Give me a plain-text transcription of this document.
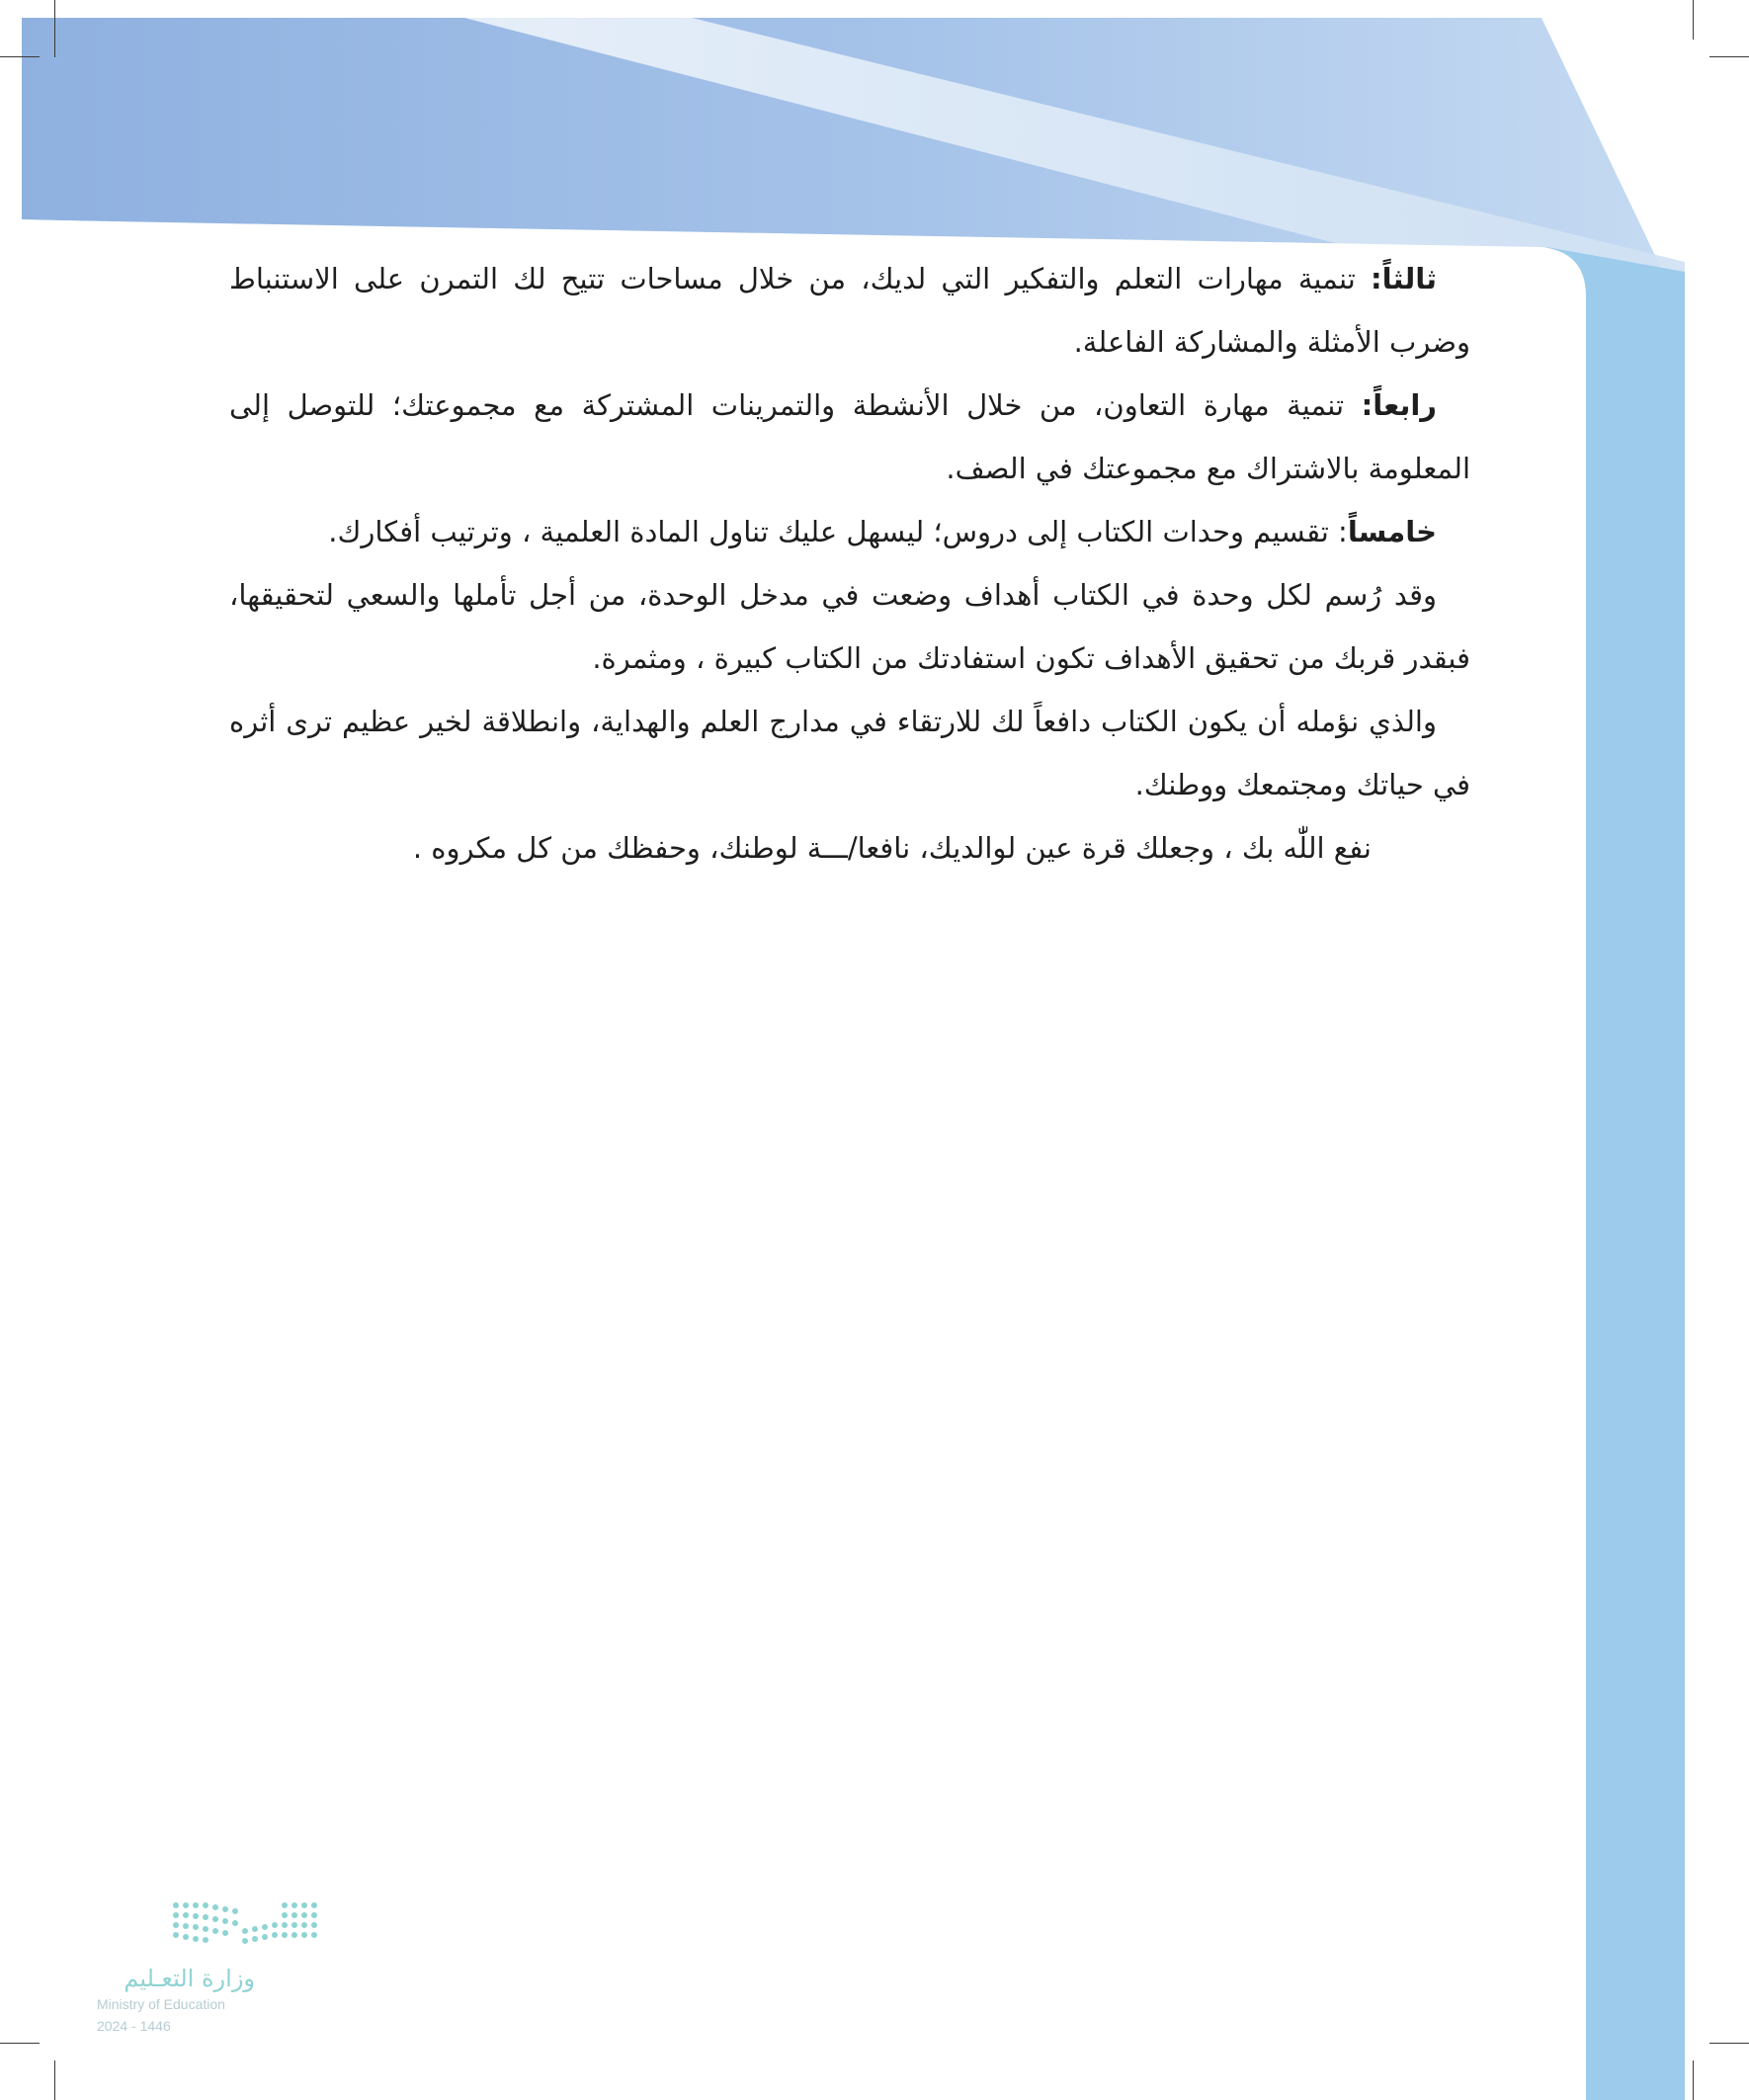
ثالثاً: تنمية مهارات التعلم والتفكير التي لديك، من خلال مساحات تتيح لك التمرن على الاستنباط وضرب الأمثلة والمشاركة الفاعلة.

رابعاً: تنمية مهارة التعاون، من خلال الأنشطة والتمرينات المشتركة مع مجموعتك؛ للتوصل إلى المعلومة بالاشتراك مع مجموعتك في الصف.

خامساً: تقسيم وحدات الكتاب إلى دروس؛ ليسهل عليك تناول المادة العلمية ، وترتيب أفكارك.

وقد رُسم لكل وحدة في الكتاب أهداف وضعت في مدخل الوحدة، من أجل تأملها والسعي لتحقيقها، فبقدر قربك من تحقيق الأهداف تكون استفادتك من الكتاب كبيرة ، ومثمرة.

والذي نؤمله أن يكون الكتاب دافعاً لك للارتقاء في مدارج العلم والهداية، وانطلاقة لخير عظيم ترى أثره في حياتك ومجتمعك ووطنك.

نفع اللّٰه بك ، وجعلك قرة عين لوالديك، نافعا/ـــة لوطنك، وحفظك من كل مكروه .

وزارة التعـليم
Ministry of Education
2024 - 1446
